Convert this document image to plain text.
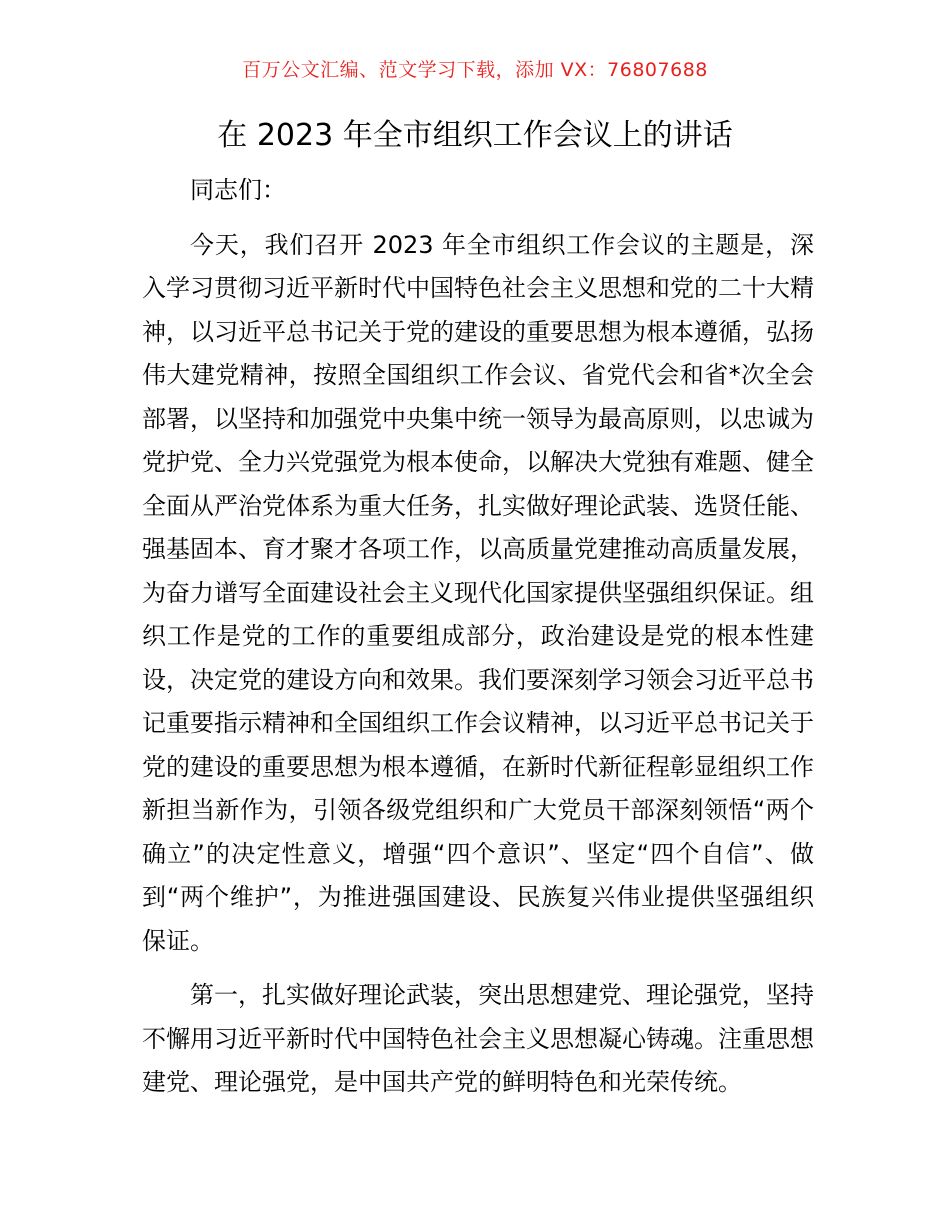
百万公文汇编、范文学习下载，添加 VX：76807688
在 2023 年全市组织工作会议上的讲话

同志们：

今天，我们召开 2023 年全市组织工作会议的主题是，深入学习贯彻习近平新时代中国特色社会主义思想和党的二十大精神，以习近平总书记关于党的建设的重要思想为根本遵循，弘扬伟大建党精神，按照全国组织工作会议、省党代会和省*次全会部署，以坚持和加强党中央集中统一领导为最高原则，以忠诚为党护党、全力兴党强党为根本使命，以解决大党独有难题、健全全面从严治党体系为重大任务，扎实做好理论武装、选贤任能、强基固本、育才聚才各项工作，以高质量党建推动高质量发展，为奋力谱写全面建设社会主义现代化国家提供坚强组织保证。组织工作是党的工作的重要组成部分，政治建设是党的根本性建设，决定党的建设方向和效果。我们要深刻学习领会习近平总书记重要指示精神和全国组织工作会议精神，以习近平总书记关于党的建设的重要思想为根本遵循，在新时代新征程彰显组织工作新担当新作为，引领各级党组织和广大党员干部深刻领悟“两个确立”的决定性意义，增强“四个意识”、坚定“四个自信”、做到“两个维护”，为推进强国建设、民族复兴伟业提供坚强组织保证。

第一，扎实做好理论武装，突出思想建党、理论强党，坚持不懈用习近平新时代中国特色社会主义思想凝心铸魂。注重思想建党、理论强党，是中国共产党的鲜明特色和光荣传统。
